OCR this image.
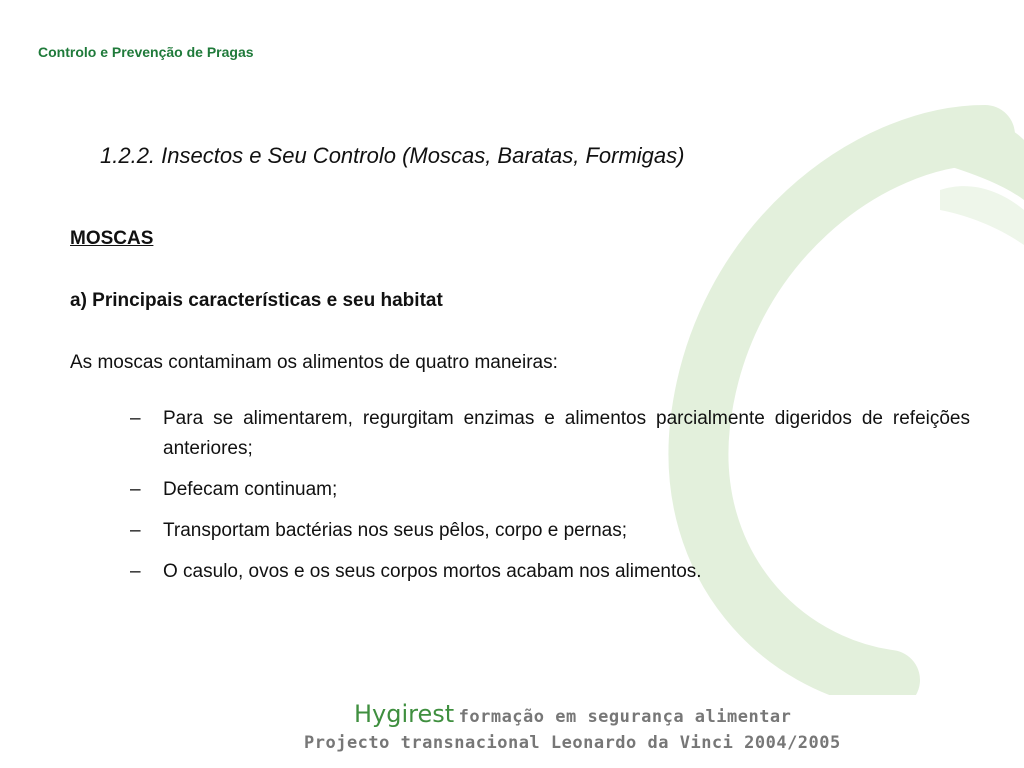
Controlo e Prevenção de Pragas
1.2.2. Insectos e Seu Controlo (Moscas, Baratas, Formigas)
MOSCAS
a) Principais características e seu habitat
As moscas contaminam os alimentos de quatro maneiras:
– Para se alimentarem, regurgitam enzimas e alimentos parcialmente digeridos de refeições anteriores;
– Defecam continuam;
– Transportam bactérias nos seus pêlos, corpo e pernas;
– O casulo, ovos e os seus corpos mortos acabam nos alimentos.
Hygirest formação em segurança alimentar
Projecto transnacional Leonardo da Vinci 2004/2005
